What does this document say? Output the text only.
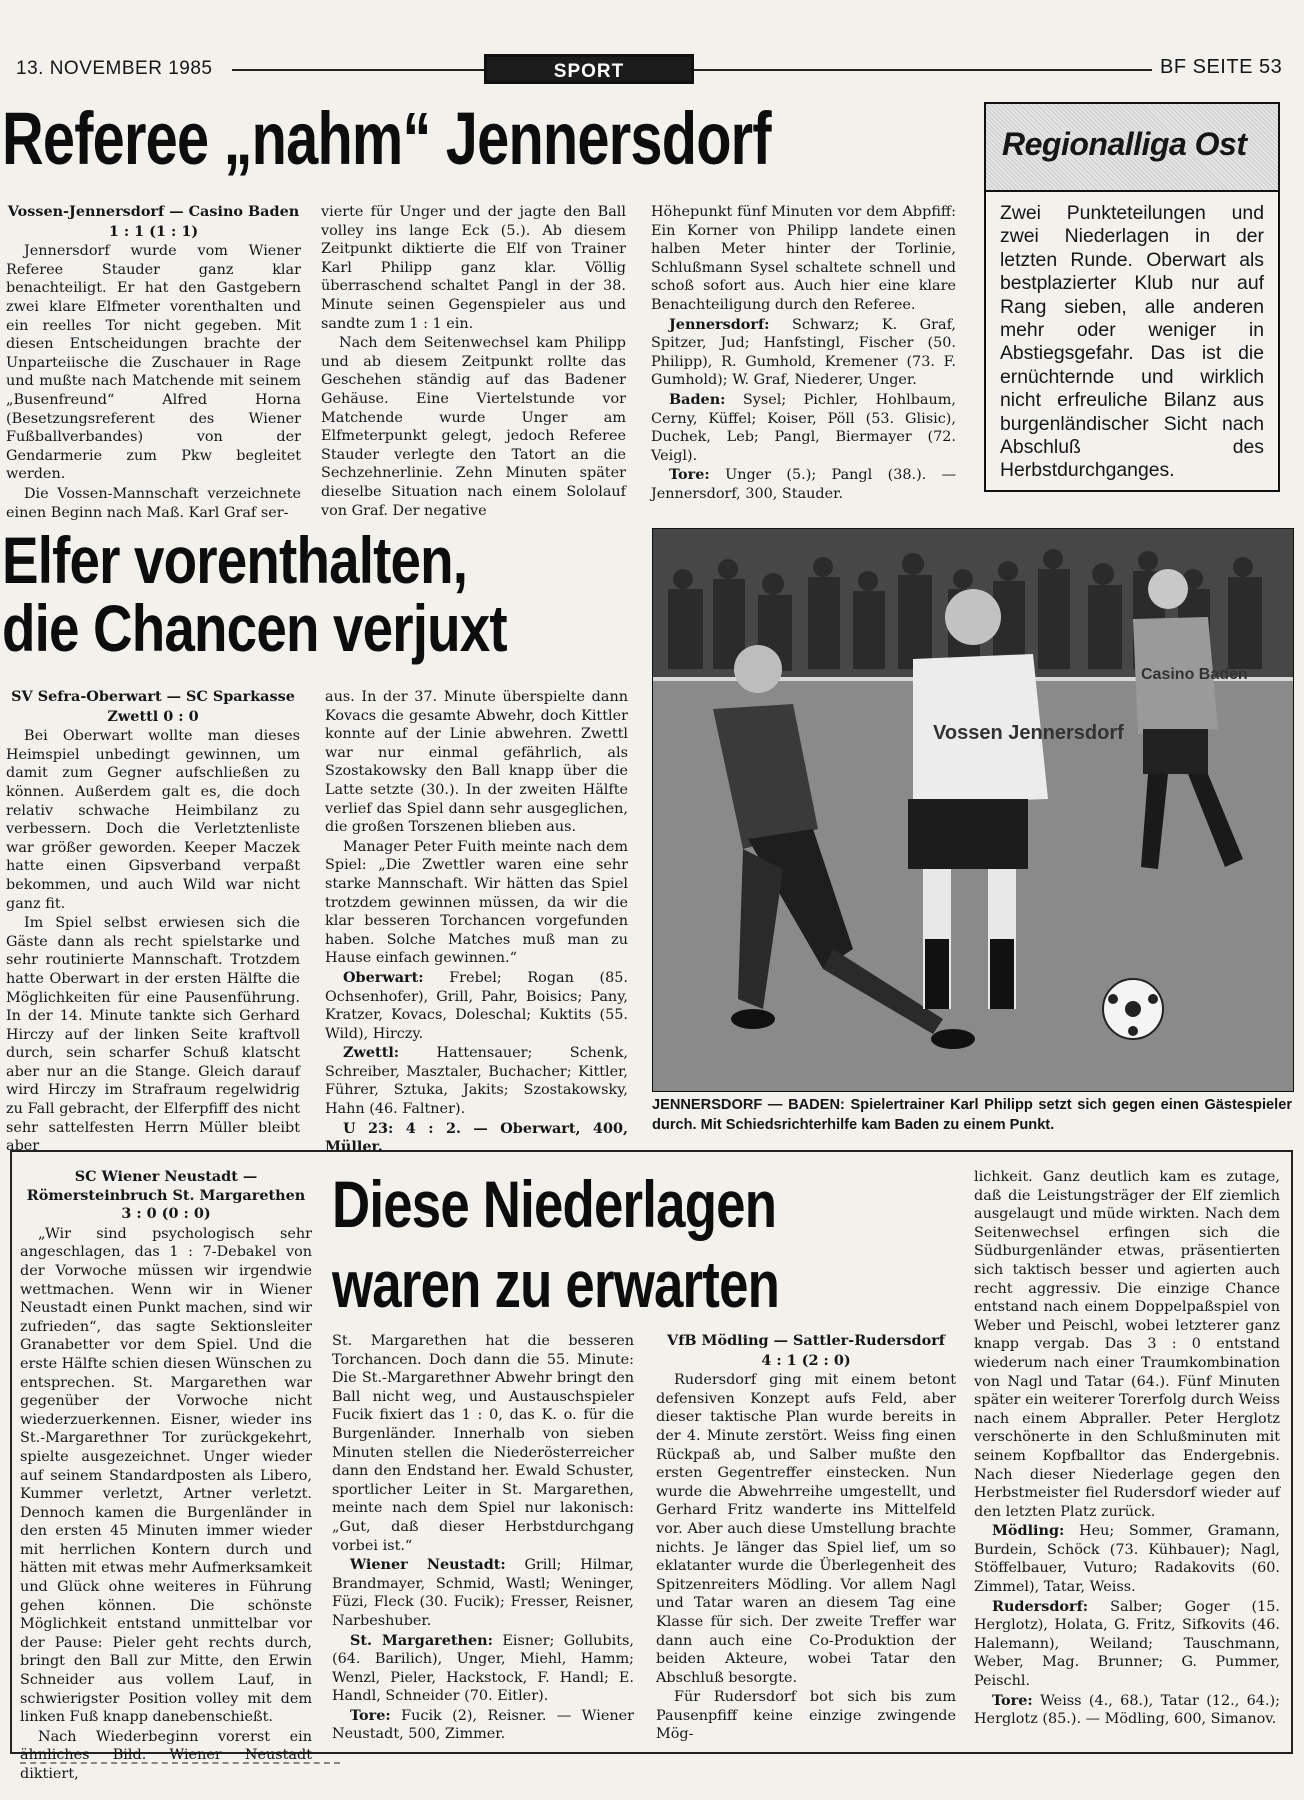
13. NOVEMBER 1985	SPORT	BF SEITE 53
Referee „nahm“ Jennersdorf

Vossen-Jennersdorf — Casino Baden

1 : 1 (1 : 1)

Jennersdorf wurde vom Wiener Referee Stauder ganz klar benachteiligt. Er hat den Gastgebern zwei klare Elfmeter vorenthalten und ein reelles Tor nicht gegeben. Mit diesen Entscheidungen brachte der Unparteiische die Zuschauer in Rage und mußte nach Matchende mit seinem „Busenfreund“ Alfred Horna (Besetzungsreferent des Wiener Fußballverbandes) von der Gendarmerie zum Pkw begleitet werden.

Die Vossen-Mannschaft verzeichnete einen Beginn nach Maß. Karl Graf ser-

vierte für Unger und der jagte den Ball volley ins lange Eck (5.). Ab diesem Zeitpunkt diktierte die Elf von Trainer Karl Philipp ganz klar. Völlig überraschend schaltet Pangl in der 38. Minute seinen Gegenspieler aus und sandte zum 1 : 1 ein.

Nach dem Seitenwechsel kam Philipp und ab diesem Zeitpunkt rollte das Geschehen ständig auf das Badener Gehäuse. Eine Viertelstunde vor Matchende wurde Unger am Elfmeterpunkt gelegt, jedoch Referee Stauder verlegte den Tatort an die Sechzehnerlinie. Zehn Minuten später dieselbe Situation nach einem Sololauf von Graf. Der negative

Höhepunkt fünf Minuten vor dem Abpfiff: Ein Korner von Philipp landete einen halben Meter hinter der Torlinie, Schlußmann Sysel schaltete schnell und schoß sofort aus. Auch hier eine klare Benachteiligung durch den Referee.

Jennersdorf: Schwarz; K. Graf, Spitzer, Jud; Hanfstingl, Fischer (50. Philipp), R. Gumhold, Kremener (73. F. Gumhold); W. Graf, Niederer, Unger.

Baden: Sysel; Pichler, Hohlbaum, Cerny, Küffel; Koiser, Pöll (53. Glisic), Duchek, Leb; Pangl, Biermayer (72. Veigl).

Tore: Unger (5.); Pangl (38.). — Jennersdorf, 300, Stauder.

Regionalliga Ost
Zwei Punkteteilungen und zwei Niederlagen in der letzten Runde. Oberwart als bestplazierter Klub nur auf Rang sieben, alle anderen mehr oder weniger in Abstiegsgefahr. Das ist die ernüchternde und wirklich nicht erfreuliche Bilanz aus burgenländischer Sicht nach Abschluß des Herbstdurchganges.
Elfer vorenthalten,
die Chancen verjuxt

SV Sefra-Oberwart — SC Sparkasse

Zwettl 0 : 0

Bei Oberwart wollte man dieses Heimspiel unbedingt gewinnen, um damit zum Gegner aufschließen zu können. Außerdem galt es, die doch relativ schwache Heimbilanz zu verbessern. Doch die Verletztenliste war größer geworden. Keeper Maczek hatte einen Gipsverband verpaßt bekommen, und auch Wild war nicht ganz fit.

Im Spiel selbst erwiesen sich die Gäste dann als recht spielstarke und sehr routinierte Mannschaft. Trotzdem hatte Oberwart in der ersten Hälfte die Möglichkeiten für eine Pausenführung. In der 14. Minute tankte sich Gerhard Hirczy auf der linken Seite kraftvoll durch, sein scharfer Schuß klatscht aber nur an die Stange. Gleich darauf wird Hirczy im Strafraum regelwidrig zu Fall gebracht, der Elferpfiff des nicht sehr sattelfesten Herrn Müller bleibt aber

aus. In der 37. Minute überspielte dann Kovacs die gesamte Abwehr, doch Kittler konnte auf der Linie abwehren. Zwettl war nur einmal gefährlich, als Szostakowsky den Ball knapp über die Latte setzte (30.). In der zweiten Hälfte verlief das Spiel dann sehr ausgeglichen, die großen Torszenen blieben aus.

Manager Peter Fuith meinte nach dem Spiel: „Die Zwettler waren eine sehr starke Mannschaft. Wir hätten das Spiel trotzdem gewinnen müssen, da wir die klar besseren Torchancen vorgefunden haben. Solche Matches muß man zu Hause einfach gewinnen.“

Oberwart: Frebel; Rogan (85. Ochsenhofer), Grill, Pahr, Boisics; Pany, Kratzer, Kovacs, Doleschal; Kuktits (55. Wild), Hirczy.

Zwettl:	Hattensauer; Schenk, Schreiber, Masztaler, Buchacher; Kittler, Führer, Sztuka, Jakits; Szostakowsky, Hahn (46. Faltner).

U 23: 4 : 2. — Oberwart, 400, Müller.

Vossen Jennersdorf
Casino Baden
JENNERSDORF — BADEN: Spielertrainer Karl Philipp setzt sich gegen einen Gästespieler durch. Mit Schiedsrichterhilfe kam Baden zu einem Punkt.

SC Wiener Neustadt — Römersteinbruch St. Margarethen 3 : 0 (0 : 0)

„Wir sind psychologisch sehr angeschlagen, das 1 : 7-Debakel von der Vorwoche müssen wir irgendwie wettmachen. Wenn wir in Wiener Neustadt einen Punkt machen, sind wir zufrieden“, das sagte Sektionsleiter Granabetter vor dem Spiel. Und die erste Hälfte schien diesen Wünschen zu entsprechen. St. Margarethen war gegenüber der Vorwoche nicht wiederzuerkennen. Eisner, wieder ins St.-Margarethner Tor zurückgekehrt, spielte ausgezeichnet. Unger wieder auf seinem Standardposten als Libero, Kummer verletzt, Artner verletzt. Dennoch kamen die Burgenländer in den ersten 45 Minuten immer wieder mit herrlichen Kontern durch und hätten mit etwas mehr Aufmerksamkeit und Glück ohne weiteres in Führung gehen können. Die schönste Möglichkeit entstand unmittelbar vor der Pause: Pieler geht rechts durch, bringt den Ball zur Mitte, den Erwin Schneider aus vollem Lauf, in schwierigster Position volley mit dem linken Fuß knapp danebenschießt.

Nach Wiederbeginn vorerst ein ähnliches Bild. Wiener Neustadt diktiert,

Diese Niederlagen
waren zu erwarten

St. Margarethen hat die besseren Torchancen. Doch dann die 55. Minute: Die St.-Margarethner Abwehr bringt den Ball nicht weg, und Austauschspieler Fucik fixiert das 1 : 0, das K. o. für die Burgenländer. Innerhalb von sieben Minuten stellen die Niederösterreicher dann den Endstand her. Ewald Schuster, sportlicher Leiter in St. Margarethen, meinte nach dem Spiel nur lakonisch: „Gut, daß dieser Herbstdurchgang vorbei ist.“

Wiener Neustadt: Grill; Hilmar, Brandmayer, Schmid, Wastl; Weninger, Füzi, Fleck (30. Fucik); Fresser, Reisner, Narbeshuber.

St. Margarethen: Eisner; Gollubits, (64. Barilich), Unger, Miehl, Hamm; Wenzl, Pieler, Hackstock, F. Handl; E. Handl, Schneider (70. Eitler).

Tore: Fucik (2), Reisner. — Wiener Neustadt, 500, Zimmer.

VfB Mödling — Sattler-Rudersdorf

4 : 1 (2 : 0)

Rudersdorf ging mit einem betont defensiven Konzept aufs Feld, aber dieser taktische Plan wurde bereits in der 4. Minute zerstört. Weiss fing einen Rückpaß ab, und Salber mußte den ersten Gegentreffer einstecken. Nun wurde die Abwehrreihe umgestellt, und Gerhard Fritz wanderte ins Mittelfeld vor. Aber auch diese Umstellung brachte nichts. Je länger das Spiel lief, um so eklatanter wurde die Überlegenheit des Spitzenreiters Mödling. Vor allem Nagl und Tatar waren an diesem Tag eine Klasse für sich. Der zweite Treffer war dann auch eine Co-Produktion der beiden Akteure, wobei Tatar den Abschluß besorgte.

Für Rudersdorf bot sich bis zum Pausenpfiff keine einzige zwingende Mög-

lichkeit. Ganz deutlich kam es zutage, daß die Leistungsträger der Elf ziemlich ausgelaugt und müde wirkten. Nach dem Seitenwechsel erfingen sich die Südburgenländer etwas, präsentierten sich taktisch besser und agierten auch recht aggressiv. Die einzige Chance entstand nach einem Doppelpaßspiel von Weber und Peischl, wobei letzterer ganz knapp vergab. Das 3 : 0 entstand wiederum nach einer Traumkombination von Nagl und Tatar (64.). Fünf Minuten später ein weiterer Torerfolg durch Weiss nach einem Abpraller. Peter Herglotz verschönerte in den Schlußminuten mit seinem Kopfballtor das Endergebnis. Nach dieser Niederlage gegen den Herbstmeister fiel Rudersdorf wieder auf den letzten Platz zurück.

Mödling: Heu; Sommer, Gramann, Burdein, Schöck (73. Kühbauer); Nagl, Stöffelbauer, Vuturo; Radakovits (60. Zimmel), Tatar, Weiss.

Rudersdorf: Salber; Goger (15. Herglotz), Holata, G. Fritz, Sifkovits (46. Halemann), Weiland; Tauschmann, Weber, Mag. Brunner; G. Pummer, Peischl.

Tore: Weiss (4., 68.), Tatar (12., 64.); Herglotz (85.). — Mödling, 600, Simanov.
